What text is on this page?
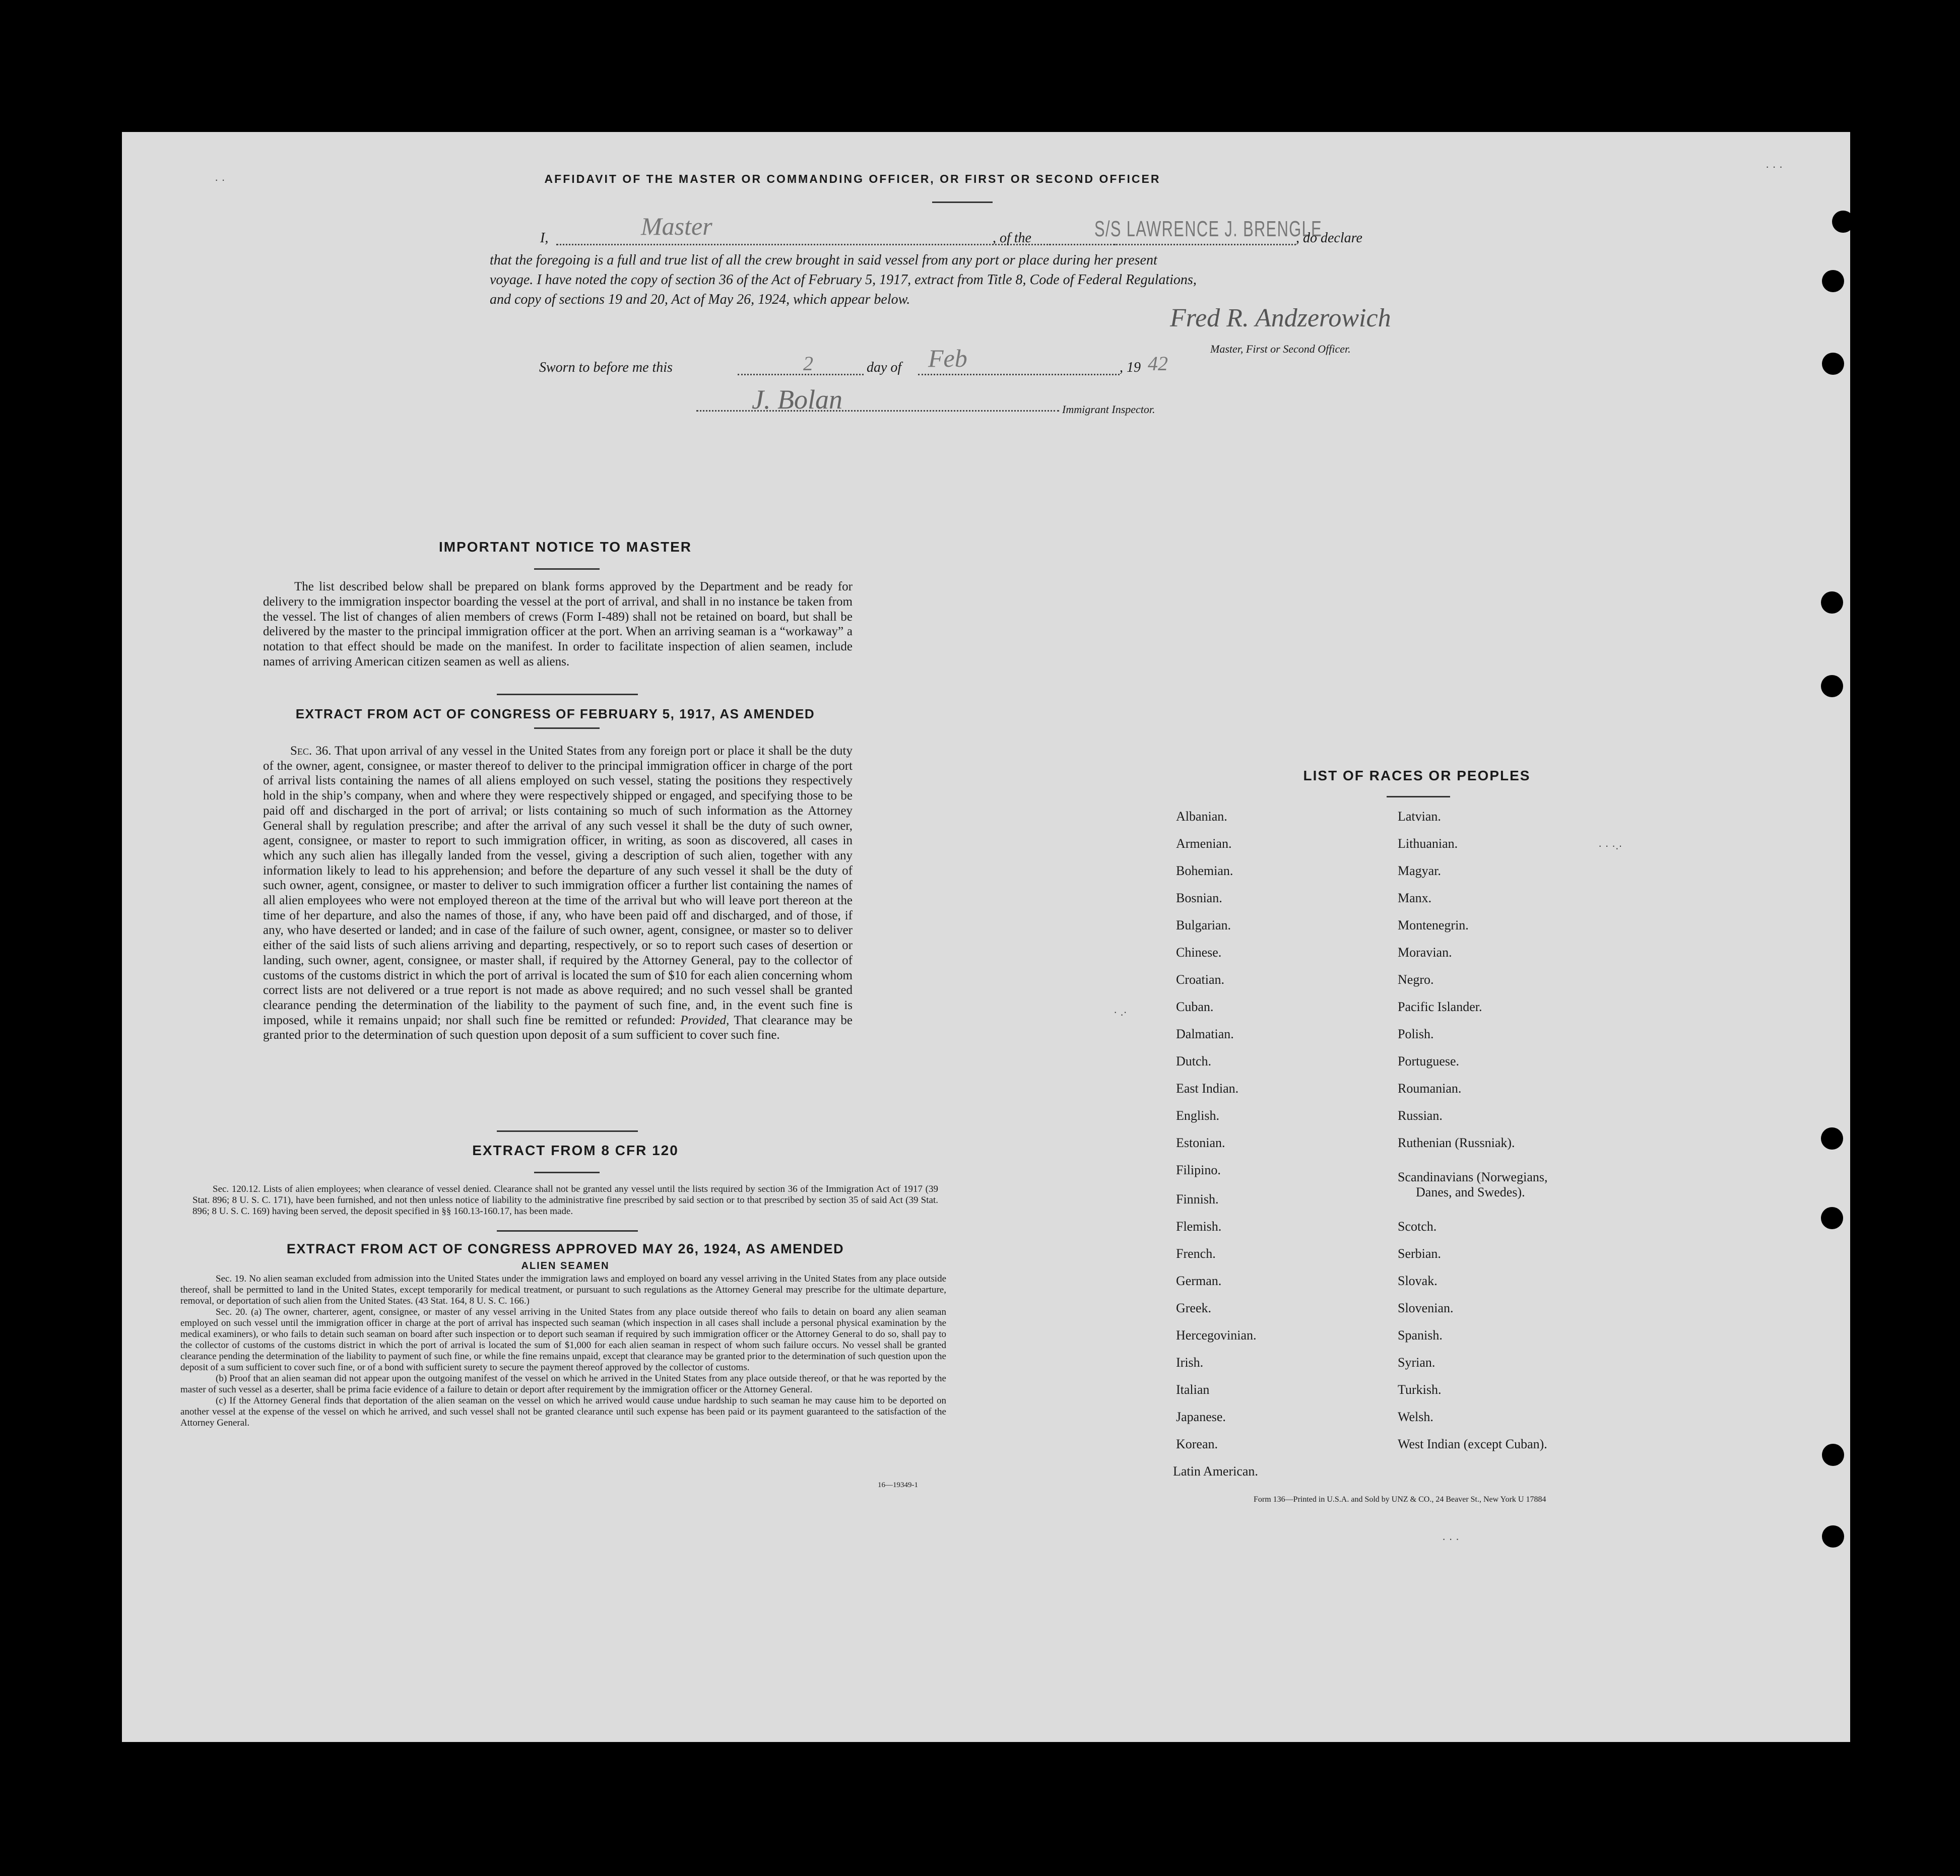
AFFIDAVIT OF THE MASTER OR COMMANDING OFFICER, OR FIRST OR SECOND OFFICER
I,	Master	, of the	S/S LAWRENCE J. BRENGLE
, do declare
that the foregoing is a full and true list of all the crew brought in said vessel from any port or place during her present
voyage. I have noted the copy of section 36 of the Act of February 5, 1917, extract from Title 8, Code of Federal Regulations,
and copy of sections 19 and 20, Act of May 26, 1924, which appear below.
Fred R. Andzerowich
Master, First or Second Officer.
Sworn to before me this	2	day of Feb	, 19 42
J. Bolan	Immigrant Inspector.
IMPORTANT NOTICE TO MASTER

The list described below shall be prepared on blank forms approved by the Department and be ready for delivery to the immigration inspector boarding the vessel at the port of arrival, and shall in no instance be taken from the vessel. The list of changes of alien members of crews (Form I-489) shall not be retained on board, but shall be delivered by the master to the principal immigration officer at the port. When an arriving seaman is a “workaway” a notation to that effect should be made on the manifest. In order to facilitate inspection of alien seamen, include names of arriving American citizen seamen as well as aliens.

EXTRACT FROM ACT OF CONGRESS OF FEBRUARY 5, 1917, AS AMENDED

Sec. 36. That upon arrival of any vessel in the United States from any foreign port or place it shall be the duty of the owner, agent, consignee, or master thereof to deliver to the principal immigration officer in charge of the port of arrival lists containing the names of all aliens employed on such vessel, stating the positions they respectively hold in the ship’s company, when and where they were respectively shipped or engaged, and specifying those to be paid off and discharged in the port of arrival; or lists containing so much of such information as the Attorney General shall by regulation prescribe; and after the arrival of any such vessel it shall be the duty of such owner, agent, consignee, or master to report to such immigration officer, in writing, as soon as discovered, all cases in which any such alien has illegally landed from the vessel, giving a description of such alien, together with any information likely to lead to his apprehension; and before the departure of any such vessel it shall be the duty of such owner, agent, consignee, or master to deliver to such immigration officer a further list containing the names of all alien employees who were not employed thereon at the time of the arrival but who will leave port thereon at the time of her departure, and also the names of those, if any, who have been paid off and discharged, and of those, if any, who have deserted or landed; and in case of the failure of such owner, agent, consignee, or master so to deliver either of the said lists of such aliens arriving and departing, respectively, or so to report such cases of desertion or landing, such owner, agent, consignee, or master shall, if required by the Attorney General, pay to the collector of customs of the customs district in which the port of arrival is located the sum of $10 for each alien concerning whom correct lists are not delivered or a true report is not made as above required; and no such vessel shall be granted clearance pending the determination of the liability to the payment of such fine, and, in the event such fine is imposed, while it remains unpaid; nor shall such fine be remitted or refunded: Provided, That clearance may be granted prior to the determination of such question upon deposit of a sum sufficient to cover such fine.

EXTRACT FROM 8 CFR 120

Sec. 120.12. Lists of alien employees; when clearance of vessel denied. Clearance shall not be granted any vessel until the lists required by section 36 of the Immigration Act of 1917 (39 Stat. 896; 8 U. S. C. 171), have been furnished, and not then unless notice of liability to the administrative fine prescribed by said section or to that prescribed by section 35 of said Act (39 Stat. 896; 8 U. S. C. 169) having been served, the deposit specified in §§ 160.13-160.17, has been made.

EXTRACT FROM ACT OF CONGRESS APPROVED MAY 26, 1924, AS AMENDED
ALIEN SEAMEN

Sec. 19. No alien seaman excluded from admission into the United States under the immigration laws and employed on board any vessel arriving in the United States from any place outside thereof, shall be permitted to land in the United States, except temporarily for medical treatment, or pursuant to such regulations as the Attorney General may prescribe for the ultimate departure, removal, or deportation of such alien from the United States. (43 Stat. 164, 8 U. S. C. 166.)

Sec. 20. (a) The owner, charterer, agent, consignee, or master of any vessel arriving in the United States from any place outside thereof who fails to detain on board any alien seaman employed on such vessel until the immigration officer in charge at the port of arrival has inspected such seaman (which inspection in all cases shall include a personal physical examination by the medical examiners), or who fails to detain such seaman on board after such inspection or to deport such seaman if required by such immigration officer or the Attorney General to do so, shall pay to the collector of customs of the customs district in which the port of arrival is located the sum of $1,000 for each alien seaman in respect of whom such failure occurs. No vessel shall be granted clearance pending the determination of the liability to payment of such fine, or while the fine remains unpaid, except that clearance may be granted prior to the determination of such question upon the deposit of a sum sufficient to cover such fine, or of a bond with sufficient surety to secure the payment thereof approved by the collector of customs.

(b) Proof that an alien seaman did not appear upon the outgoing manifest of the vessel on which he arrived in the United States from any place outside thereof, or that he was reported by the master of such vessel as a deserter, shall be prima facie evidence of a failure to detain or deport after requirement by the immigration officer or the Attorney General.

(c) If the Attorney General finds that deportation of the alien seaman on the vessel on which he arrived would cause undue hardship to such seaman he may cause him to be deported on another vessel at the expense of the vessel on which he arrived, and such vessel shall not be granted clearance until such expense has been paid or its payment guaranteed to the satisfaction of the Attorney General.

16—19349-1
LIST OF RACES OR PEOPLES
Albanian.
Armenian.
Bohemian.
Bosnian.
Bulgarian.
Chinese.
Croatian.
Cuban.
Dalmatian.
Dutch.
East Indian.
English.
Estonian.
Filipino.
Finnish.
Flemish.
French.
German.
Greek.
Hercegovinian.
Irish.
Italian
Japanese.
Korean.
Latin American.
Latvian.
Lithuanian.
Magyar.
Manx.
Montenegrin.
Moravian.
Negro.
Pacific Islander.
Polish.
Portuguese.
Roumanian.
Russian.
Ruthenian (Russniak).
Scandinavians (Norwegians,
Danes, and Swedes).
Scotch.
Serbian.
Slovak.
Slovenian.
Spanish.
Syrian.
Turkish.
Welsh.
West Indian (except Cuban).
Form 136—Printed in U.S.A. and Sold by UNZ & CO., 24 Beaver St., New York U 17884
· ·
· · ·
· .·
· · ·.·
· · ·
